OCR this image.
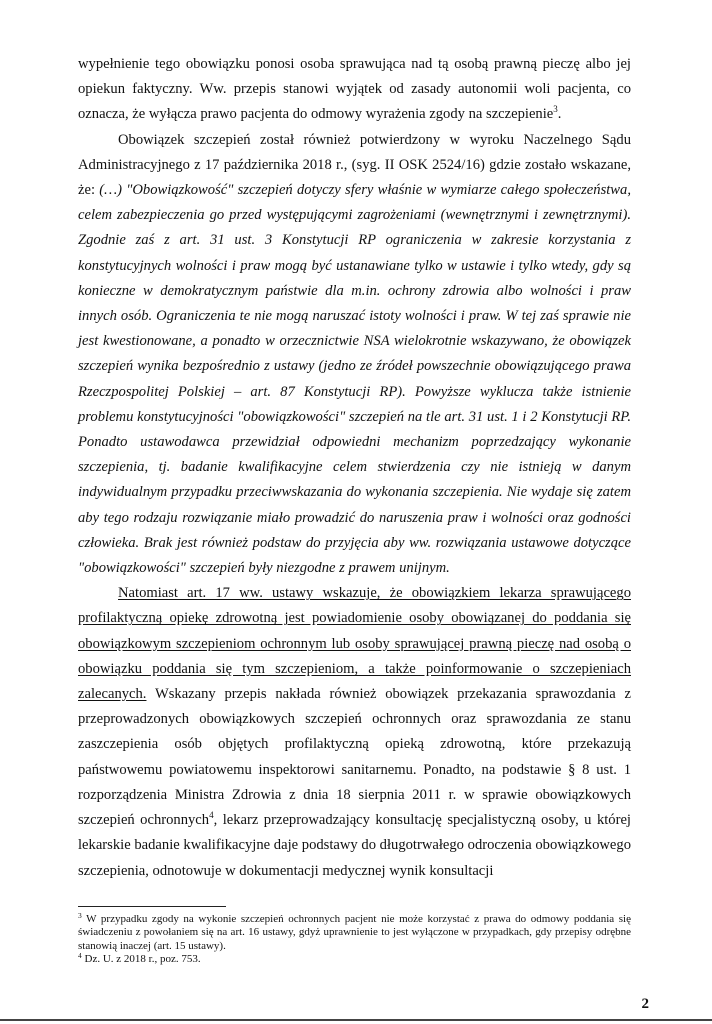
wypełnienie tego obowiązku ponosi osoba sprawująca nad tą osobą prawną pieczę albo jej opiekun faktyczny. Ww. przepis stanowi wyjątek od zasady autonomii woli pacjenta, co oznacza, że wyłącza prawo pacjenta do odmowy wyrażenia zgody na szczepienie$^3$.

Obowiązek szczepień został również potwierdzony w wyroku Naczelnego Sądu Administracyjnego z 17 października 2018 r., (syg. II OSK 2524/16) gdzie zostało wskazane, że: (…) "Obowiązkowość" szczepień dotyczy sfery właśnie w wymiarze całego społeczeństwa, celem zabezpieczenia go przed występującymi zagrożeniami (wewnętrznymi i zewnętrznymi). Zgodnie zaś z art. 31 ust. 3 Konstytucji RP ograniczenia w zakresie korzystania z konstytucyjnych wolności i praw mogą być ustanawiane tylko w ustawie i tylko wtedy, gdy są konieczne w demokratycznym państwie dla m.in. ochrony zdrowia albo wolności i praw innych osób. Ograniczenia te nie mogą naruszać istoty wolności i praw. W tej zaś sprawie nie jest kwestionowane, a ponadto w orzecznictwie NSA wielokrotnie wskazywano, że obowiązek szczepień wynika bezpośrednio z ustawy (jedno ze źródeł powszechnie obowiązującego prawa Rzeczpospolitej Polskiej – art. 87 Konstytucji RP). Powyższe wyklucza także istnienie problemu konstytucyjności "obowiązkowości" szczepień na tle art. 31 ust. 1 i 2 Konstytucji RP. Ponadto ustawodawca przewidział odpowiedni mechanizm poprzedzający wykonanie szczepienia, tj. badanie kwalifikacyjne celem stwierdzenia czy nie istnieją w danym indywidualnym przypadku przeciwwskazania do wykonania szczepienia. Nie wydaje się zatem aby tego rodzaju rozwiązanie miało prowadzić do naruszenia praw i wolności oraz godności człowieka. Brak jest również podstaw do przyjęcia aby ww. rozwiązania ustawowe dotyczące "obowiązkowości" szczepień były niezgodne z prawem unijnym.

Natomiast art. 17 ww. ustawy wskazuje, że obowiązkiem lekarza sprawującego profilaktyczną opiekę zdrowotną jest powiadomienie osoby obowiązanej do poddania się obowiązkowym szczepieniom ochronnym lub osoby sprawującej prawną pieczę nad osobą o obowiązku poddania się tym szczepieniom, a także poinformowanie o szczepieniach zalecanych. Wskazany przepis nakłada również obowiązek przekazania sprawozdania z przeprowadzonych obowiązkowych szczepień ochronnych oraz sprawozdania ze stanu zaszczepienia osób objętych profilaktyczną opieką zdrowotną, które przekazują państwowemu powiatowemu inspektorowi sanitarnemu. Ponadto, na podstawie § 8 ust. 1 rozporządzenia Ministra Zdrowia z dnia 18 sierpnia 2011 r. w sprawie obowiązkowych szczepień ochronnych$^4$, lekarz przeprowadzający konsultację specjalistyczną osoby, u której lekarskie badanie kwalifikacyjne daje podstawy do długotrwałego odroczenia obowiązkowego szczepienia, odnotowuje w dokumentacji medycznej wynik konsultacji

$^3$ W przypadku zgody na wykonie szczepień ochronnych pacjent nie może korzystać z prawa do odmowy poddania się świadczeniu z powołaniem się na art. 16 ustawy, gdyż uprawnienie to jest wyłączone w przypadkach, gdy przepisy odrębne stanowią inaczej (art. 15 ustawy).

$^4$ Dz. U. z 2018 r., poz. 753.

2
